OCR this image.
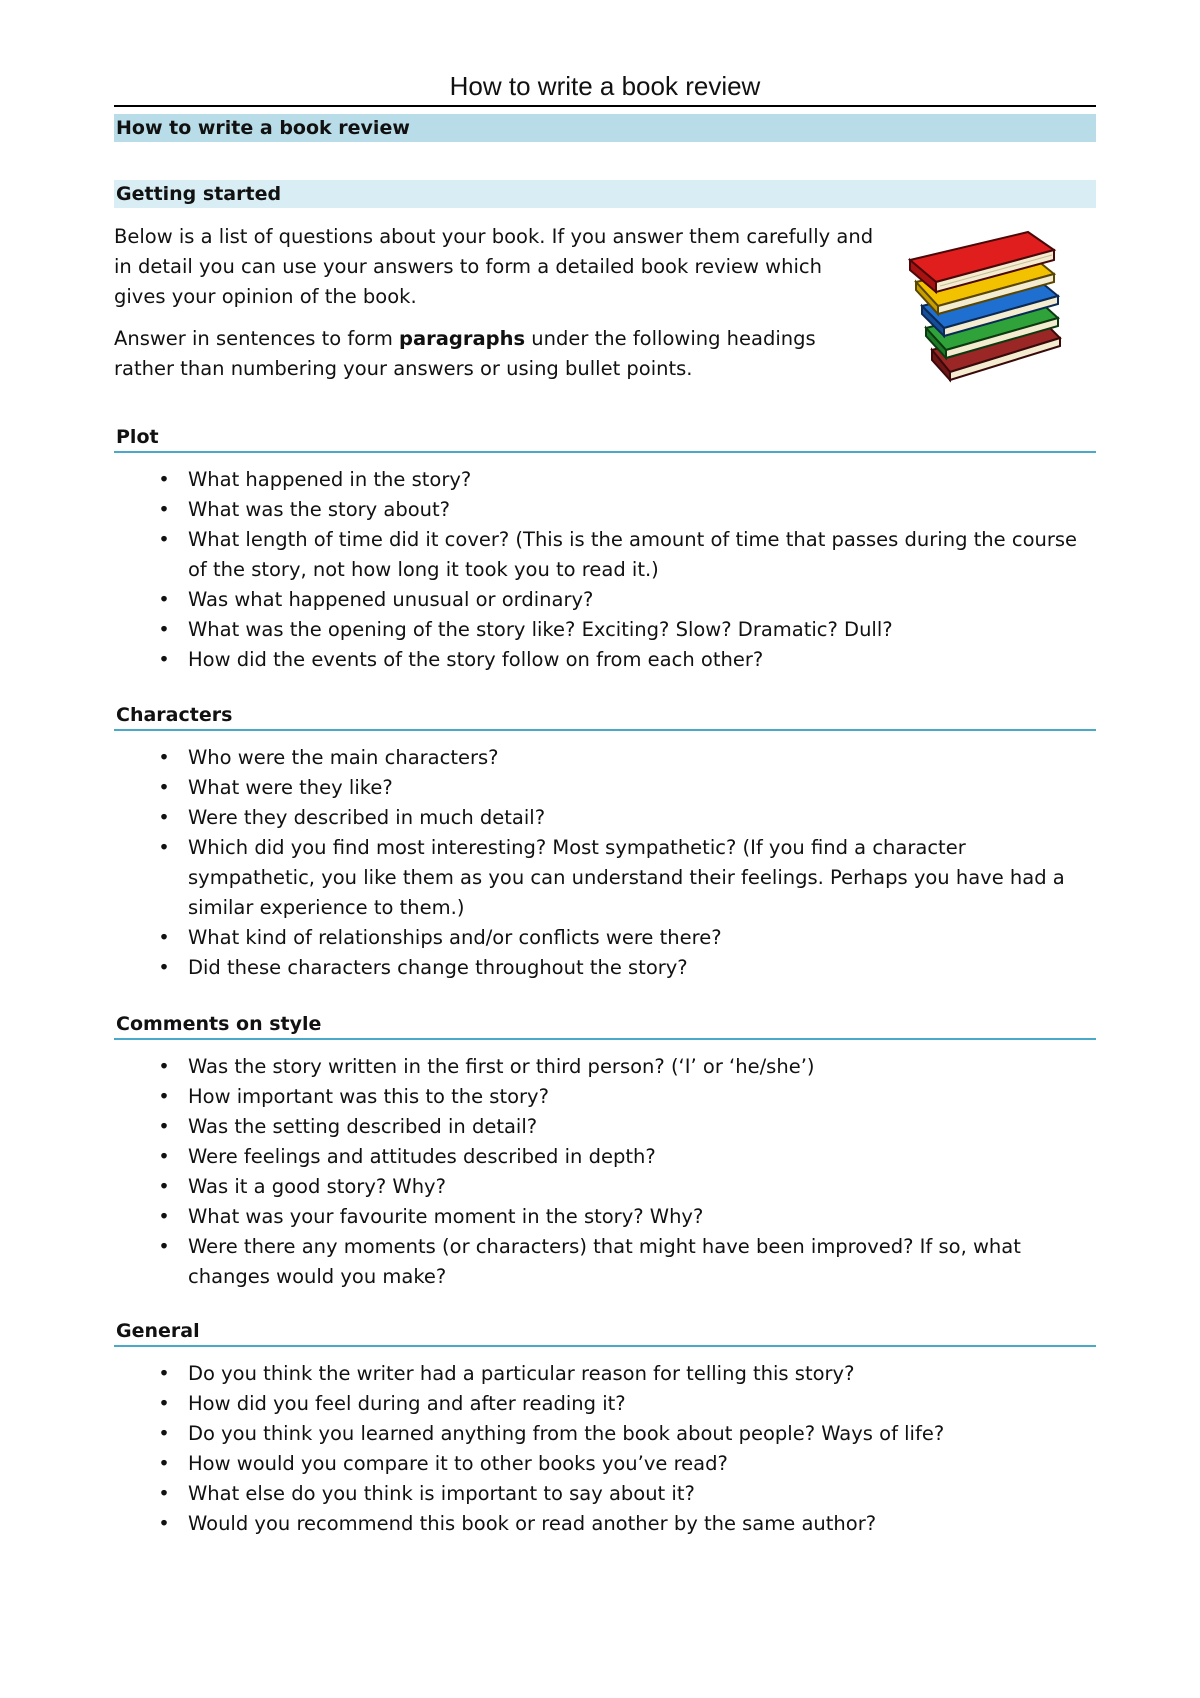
How to write a book review
How to write a book review
Getting started

Below is a list of questions about your book. If you answer them carefully and in detail you can use your answers to form a detailed book review which gives your opinion of the book.

Answer in sentences to form paragraphs under the following headings rather than numbering your answers or using bullet points.

Plot
• What happened in the story?
• What was the story about?
• What length of time did it cover? (This is the amount of time that passes during the course of the story, not how long it took you to read it.)
• Was what happened unusual or ordinary?
• What was the opening of the story like? Exciting? Slow? Dramatic? Dull?
• How did the events of the story follow on from each other?
Characters
• Who were the main characters?
• What were they like?
• Were they described in much detail?
• Which did you find most interesting? Most sympathetic? (If you find a character sympathetic, you like them as you can understand their feelings. Perhaps you have had a similar experience to them.)
• What kind of relationships and/or conflicts were there?
• Did these characters change throughout the story?
Comments on style
• Was the story written in the first or third person? (‘I’ or ‘he/she’)
• How important was this to the story?
• Was the setting described in detail?
• Were feelings and attitudes described in depth?
• Was it a good story? Why?
• What was your favourite moment in the story? Why?
• Were there any moments (or characters) that might have been improved? If so, what changes would you make?
General
• Do you think the writer had a particular reason for telling this story?
• How did you feel during and after reading it?
• Do you think you learned anything from the book about people? Ways of life?
• How would you compare it to other books you’ve read?
• What else do you think is important to say about it?
• Would you recommend this book or read another by the same author?
